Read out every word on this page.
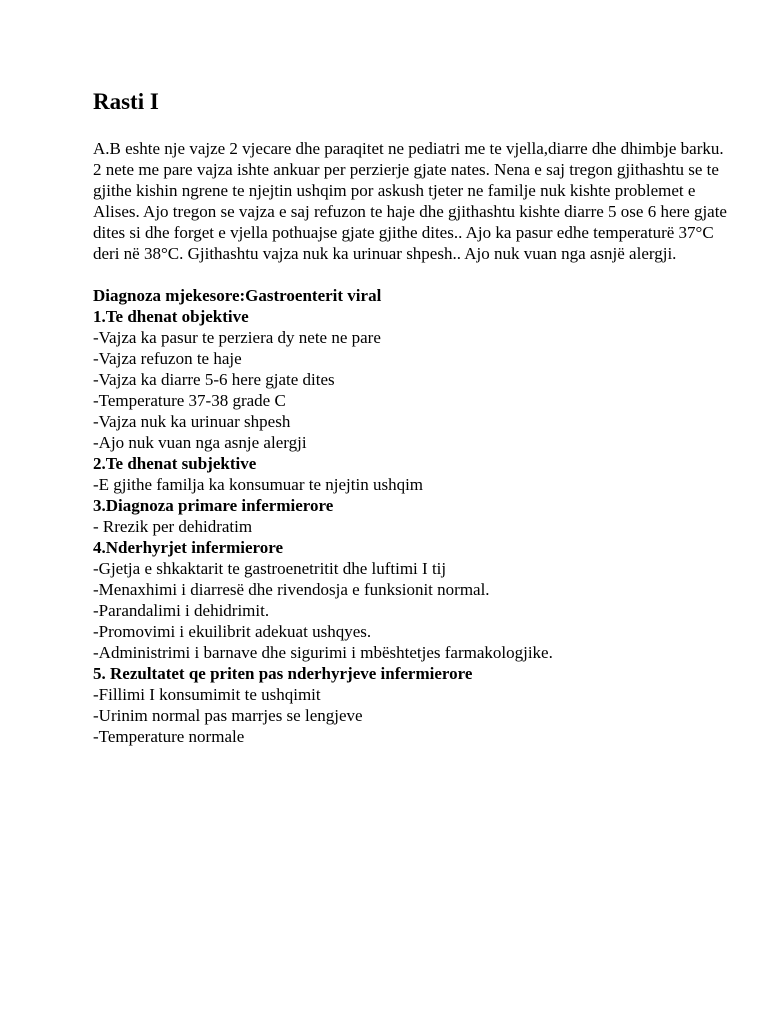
Rasti I

A.B eshte nje vajze 2 vjecare dhe paraqitet ne pediatri me te vjella,diarre dhe dhimbje barku.

2 nete me pare vajza ishte ankuar per perzierje gjate nates. Nena e saj tregon gjithashtu se te gjithe kishin ngrene te njejtin ushqim por askush tjeter ne familje nuk kishte problemet e Alises. Ajo tregon se vajza e saj refuzon te haje dhe gjithashtu kishte diarre 5 ose 6 here gjate dites si dhe forget e vjella pothuajse gjate gjithe dites.. Ajo ka pasur edhe temperaturë 37°C deri në 38°C. Gjithashtu vajza nuk ka urinuar shpesh.. Ajo nuk vuan nga asnjë alergji.

Diagnoza mjekesore:Gastroenterit viral

1.Te dhenat objektive

-Vajza ka pasur te perziera dy nete ne pare

-Vajza refuzon te haje

-Vajza ka diarre 5-6 here gjate dites

-Temperature 37-38 grade C

-Vajza nuk ka urinuar shpesh

-Ajo nuk vuan nga asnje alergji

2.Te dhenat subjektive

-E gjithe familja ka konsumuar te njejtin ushqim

3.Diagnoza primare infermierore

- Rrezik per dehidratim

4.Nderhyrjet infermierore

-Gjetja e shkaktarit te gastroenetritit dhe luftimi I tij

-Menaxhimi i diarresë dhe rivendosja e funksionit normal.

-Parandalimi i dehidrimit.

-Promovimi i ekuilibrit adekuat ushqyes.

-Administrimi i barnave dhe sigurimi i mbështetjes farmakologjike.

5. Rezultatet qe priten pas nderhyrjeve infermierore

-Fillimi I konsumimit te ushqimit

-Urinim normal pas marrjes se lengjeve

-Temperature normale
